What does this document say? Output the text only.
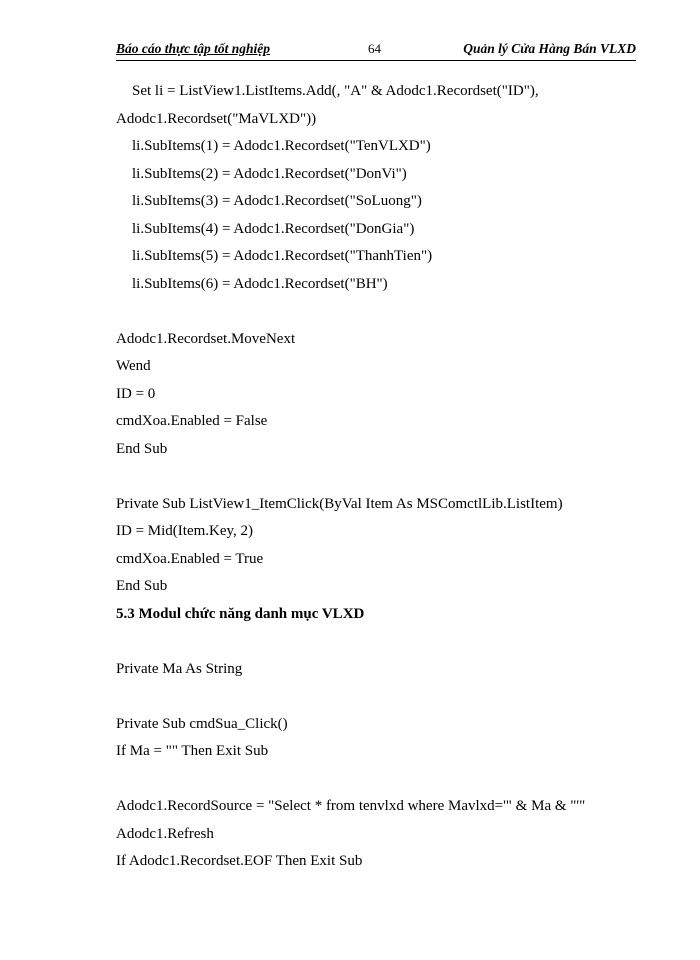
Báo cáo thực tập tốt nghiệp	64	Quản lý Cửa Hàng Bán VLXD
Set li = ListView1.ListItems.Add(, "A" & Adodc1.Recordset("ID"),
Adodc1.Recordset("MaVLXD"))
li.SubItems(1) = Adodc1.Recordset("TenVLXD")
li.SubItems(2) = Adodc1.Recordset("DonVi")
li.SubItems(3) = Adodc1.Recordset("SoLuong")
li.SubItems(4) = Adodc1.Recordset("DonGia")
li.SubItems(5) = Adodc1.Recordset("ThanhTien")
li.SubItems(6) = Adodc1.Recordset("BH")
Adodc1.Recordset.MoveNext
Wend
ID = 0
cmdXoa.Enabled = False
End Sub
Private Sub ListView1_ItemClick(ByVal Item As MSComctlLib.ListItem)
ID = Mid(Item.Key, 2)
cmdXoa.Enabled = True
End Sub
5.3 Modul chức năng danh mục VLXD
Private Ma As String
Private Sub cmdSua_Click()
If Ma = "" Then Exit Sub
Adodc1.RecordSource = "Select * from tenvlxd where Mavlxd='" & Ma & "'"
Adodc1.Refresh
If Adodc1.Recordset.EOF Then Exit Sub
